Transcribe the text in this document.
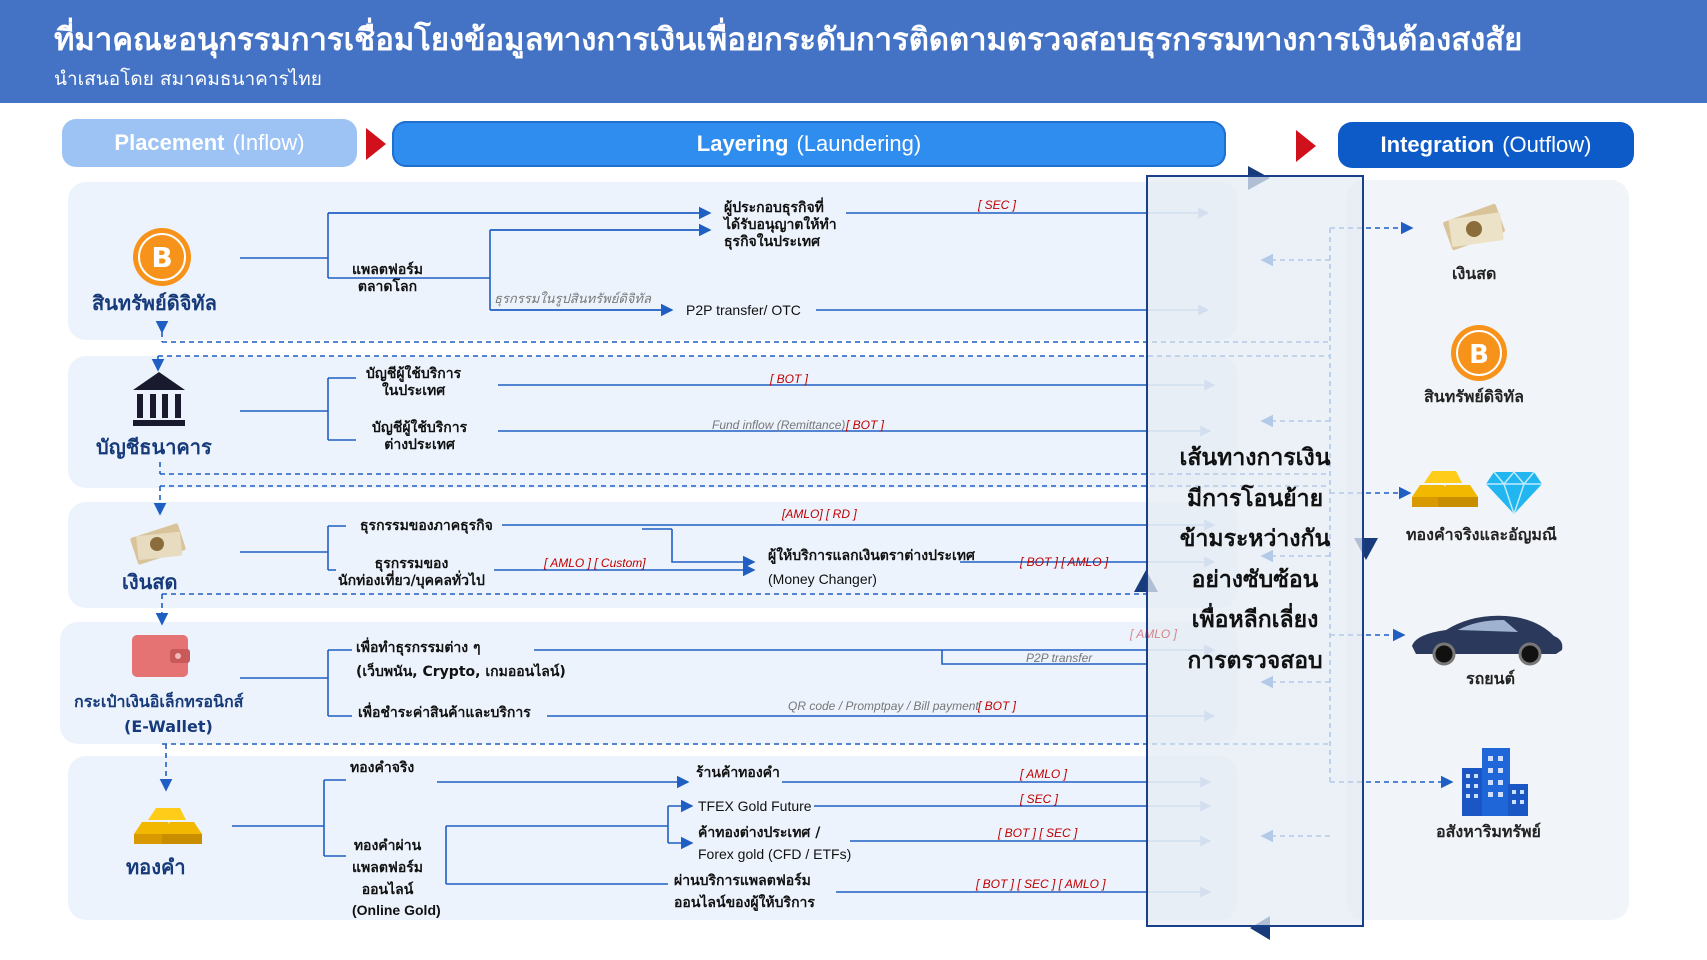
ที่มาคณะอนุกรรมการเชื่อมโยงข้อมูลทางการเงินเพื่อยกระดับการติดตามตรวจสอบธุรกรรมทางการเงินต้องสงสัย
นำเสนอโดย สมาคมธนาคารไทย
Placement (Inflow)	Layering (Laundering)	Integration (Outflow)
เส้นทางการเงิน
มีการโอนย้าย
ข้ามระหว่างกัน
อย่างซับซ้อน
เพื่อหลีกเลี่ยง
การตรวจสอบ
B
สินทรัพย์ดิจิทัล
บัญชีธนาคาร
เงินสด
กระเป๋าเงินอิเล็กทรอนิกส์
(E-Wallet)
ทองคำ
แพลตฟอร์ม
ตลาดโลก
ผู้ประกอบธุรกิจที่
ได้รับอนุญาตให้ทำ
ธุรกิจในประเทศ
ธุรกรรมในรูปสินทรัพย์ดิจิทัล
P2P transfer/ OTC
[ SEC ]
บัญชีผู้ใช้บริการ
ในประเทศ
บัญชีผู้ใช้บริการ
ต่างประเทศ
[ BOT ]
Fund inflow (Remittance) [ BOT ]
ธุรกรรมของภาคธุรกิจ
ธุรกรรมของ
นักท่องเที่ยว/บุคคลทั่วไป
ผู้ให้บริการแลกเงินตราต่างประเทศ
(Money Changer)
[AMLO] [ RD ]
[ AMLO ] [ Custom]	[ BOT ] [ AMLO ]
เพื่อทำธุรกรรมต่าง ๆ
(เว็บพนัน, Crypto, เกมออนไลน์)
เพื่อชำระค่าสินค้าและบริการ
P2P transfer
[ AMLO ]
QR code / Promptpay / Bill payment [ BOT ]
ทองคำจริง
ทองคำผ่าน
แพลตฟอร์ม
ออนไลน์
(Online Gold)
ร้านค้าทองคำ
TFEX Gold Future
ค้าทองต่างประเทศ /
Forex gold (CFD / ETFs)
ผ่านบริการแพลตฟอร์ม
ออนไลน์ของผู้ให้บริการ
[ AMLO ]
[ SEC ]
[ BOT ] [ SEC ]
[ BOT ] [ SEC ] [ AMLO ]
เงินสด
B
สินทรัพย์ดิจิทัล
ทองคำจริงและอัญมณี
รถยนต์
อสังหาริมทรัพย์
